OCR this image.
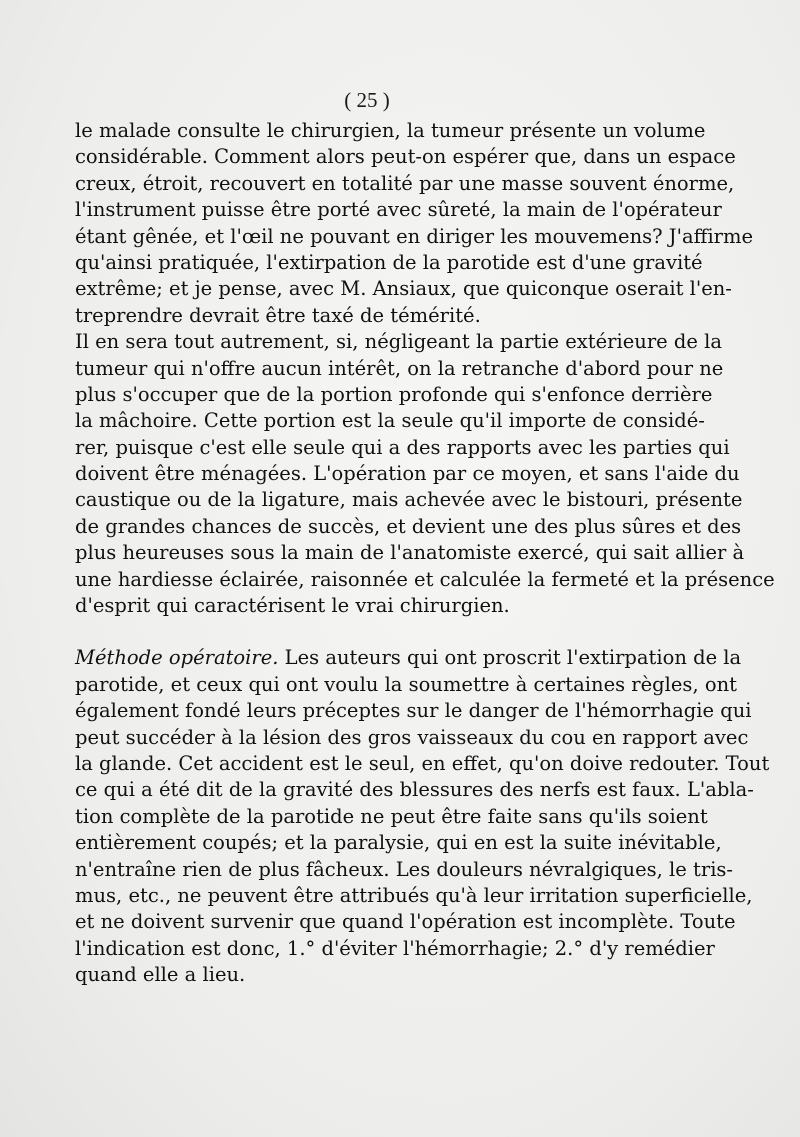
( 25 )
le malade consulte le chirurgien, la tumeur présente un volume
considérable. Comment alors peut-on espérer que, dans un espace
creux, étroit, recouvert en totalité par une masse souvent énorme,
l'instrument puisse être porté avec sûreté, la main de l'opérateur
étant gênée, et l'œil ne pouvant en diriger les mouvemens? J'affirme
qu'ainsi pratiquée, l'extirpation de la parotide est d'une gravité
extrême; et je pense, avec M. Ansiaux, que quiconque oserait l'en-
treprendre devrait être taxé de témérité.
Il en sera tout autrement, si, négligeant la partie extérieure de la
tumeur qui n'offre aucun intérêt, on la retranche d'abord pour ne
plus s'occuper que de la portion profonde qui s'enfonce derrière
la mâchoire. Cette portion est la seule qu'il importe de considé-
rer, puisque c'est elle seule qui a des rapports avec les parties qui
doivent être ménagées. L'opération par ce moyen, et sans l'aide du
caustique ou de la ligature, mais achevée avec le bistouri, présente
de grandes chances de succès, et devient une des plus sûres et des
plus heureuses sous la main de l'anatomiste exercé, qui sait allier à
une hardiesse éclairée, raisonnée et calculée la fermeté et la présence
d'esprit qui caractérisent le vrai chirurgien.
Méthode opératoire. Les auteurs qui ont proscrit l'extirpation de la
parotide, et ceux qui ont voulu la soumettre à certaines règles, ont
également fondé leurs préceptes sur le danger de l'hémorrhagie qui
peut succéder à la lésion des gros vaisseaux du cou en rapport avec
la glande. Cet accident est le seul, en effet, qu'on doive redouter. Tout
ce qui a été dit de la gravité des blessures des nerfs est faux. L'abla-
tion complète de la parotide ne peut être faite sans qu'ils soient
entièrement coupés; et la paralysie, qui en est la suite inévitable,
n'entraîne rien de plus fâcheux. Les douleurs névralgiques, le tris-
mus, etc., ne peuvent être attribués qu'à leur irritation superficielle,
et ne doivent survenir que quand l'opération est incomplète. Toute
l'indication est donc, 1.° d'éviter l'hémorrhagie; 2.° d'y remédier
quand elle a lieu.
